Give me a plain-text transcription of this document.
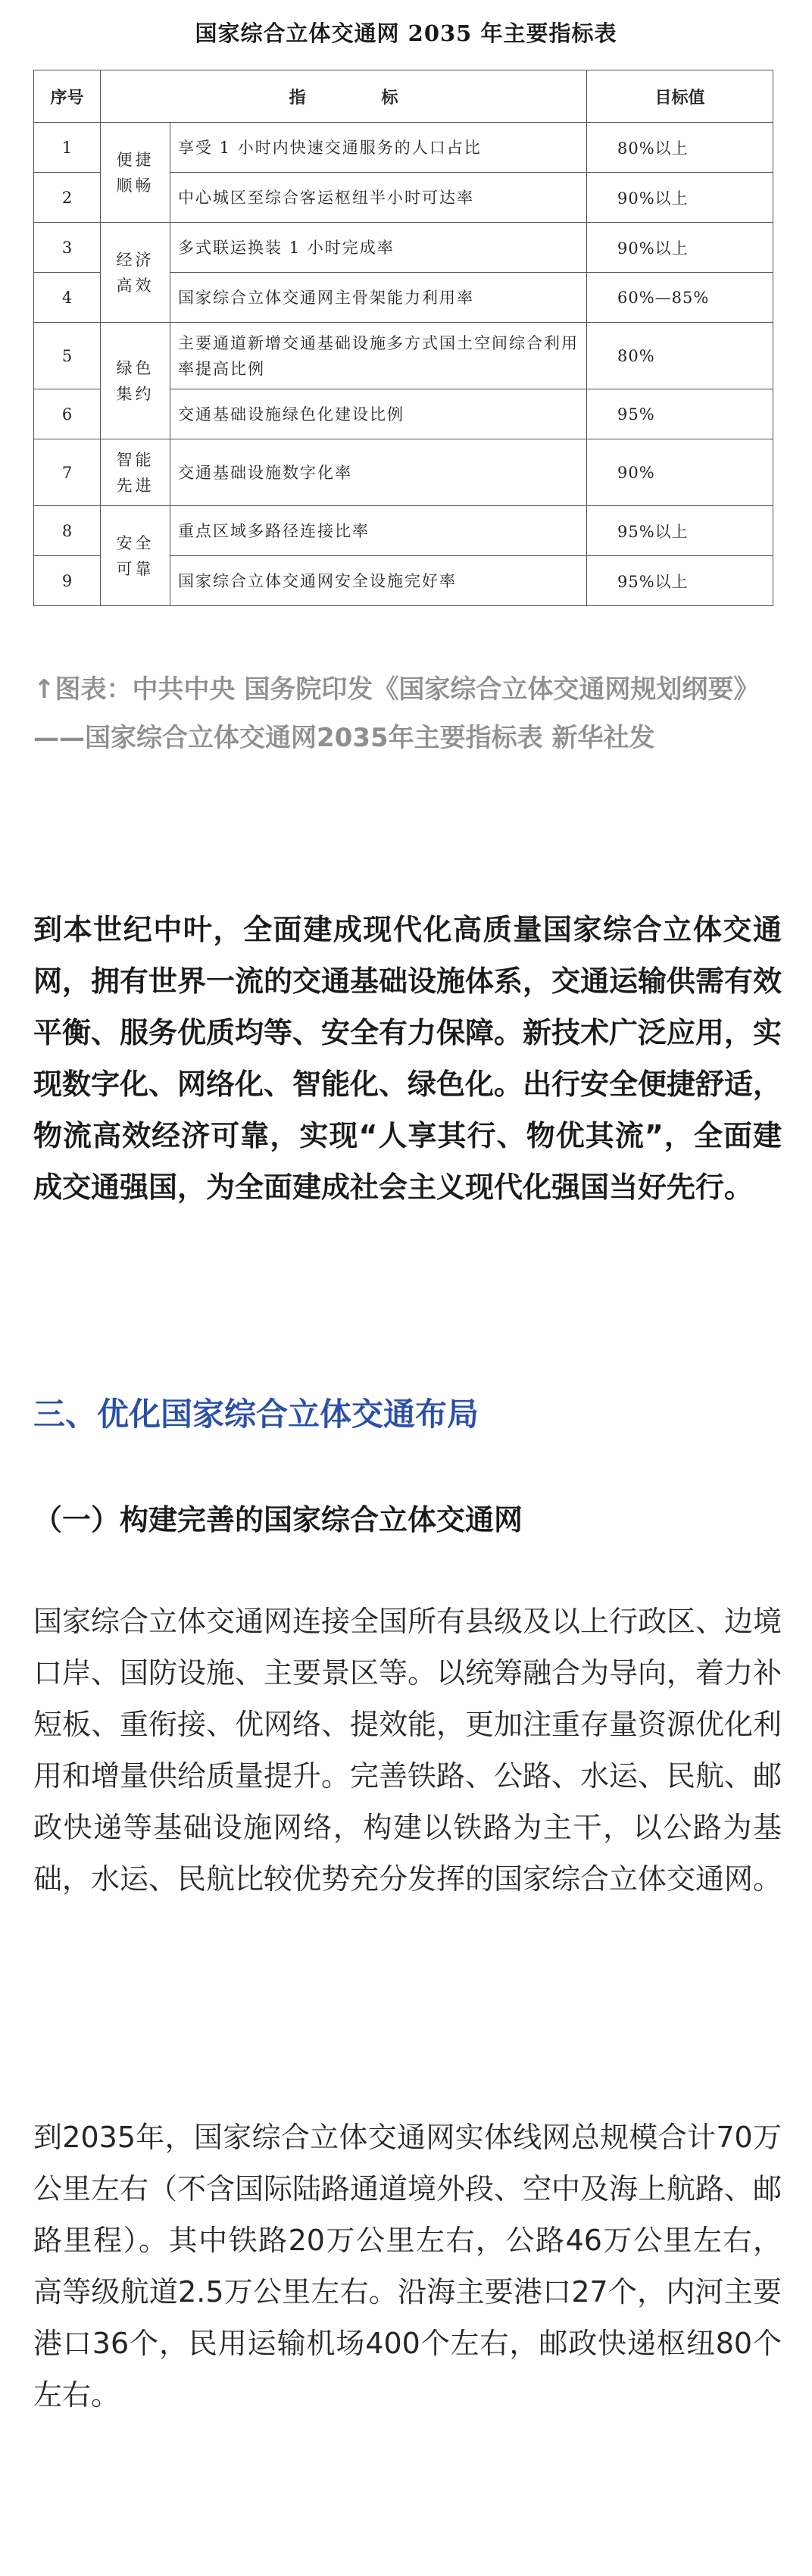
国家综合立体交通网 2035 年主要指标表
序号	指 标		目标值
1	便捷顺畅	享受 1 小时内快速交通服务的人口占比	80%以上
2		中心城区至综合客运枢纽半小时可达率	90%以上
3	经济高效	多式联运换装 1 小时完成率	90%以上
4		国家综合立体交通网主骨架能力利用率	60%—85%
5	绿色集约	主要通道新增交通基础设施多方式国土空间综合利用率提高比例	80%
6		交通基础设施绿色化建设比例	95%
7	智能先进	交通基础设施数字化率	90%
8	安全可靠	重点区域多路径连接比率	95%以上
9		国家综合立体交通网安全设施完好率	95%以上
↑图表：中共中央 国务院印发《国家综合立体交通网规划纲要》——国家综合立体交通网2035年主要指标表 新华社发
到本世纪中叶，全面建成现代化高质量国家综合立体交通网，拥有世界一流的交通基础设施体系，交通运输供需有效平衡、服务优质均等、安全有力保障。新技术广泛应用，实现数字化、网络化、智能化、绿色化。出行安全便捷舒适，物流高效经济可靠，实现“人享其行、物优其流”，全面建成交通强国，为全面建成社会主义现代化强国当好先行。
三、优化国家综合立体交通布局
（一）构建完善的国家综合立体交通网
国家综合立体交通网连接全国所有县级及以上行政区、边境口岸、国防设施、主要景区等。以统筹融合为导向，着力补短板、重衔接、优网络、提效能，更加注重存量资源优化利用和增量供给质量提升。完善铁路、公路、水运、民航、邮政快递等基础设施网络，构建以铁路为主干，以公路为基础，水运、民航比较优势充分发挥的国家综合立体交通网。
到2035年，国家综合立体交通网实体线网总规模合计70万公里左右（不含国际陆路通道境外段、空中及海上航路、邮路里程）。其中铁路20万公里左右，公路46万公里左右，高等级航道2.5万公里左右。沿海主要港口27个，内河主要港口36个，民用运输机场400个左右，邮政快递枢纽80个左右。
